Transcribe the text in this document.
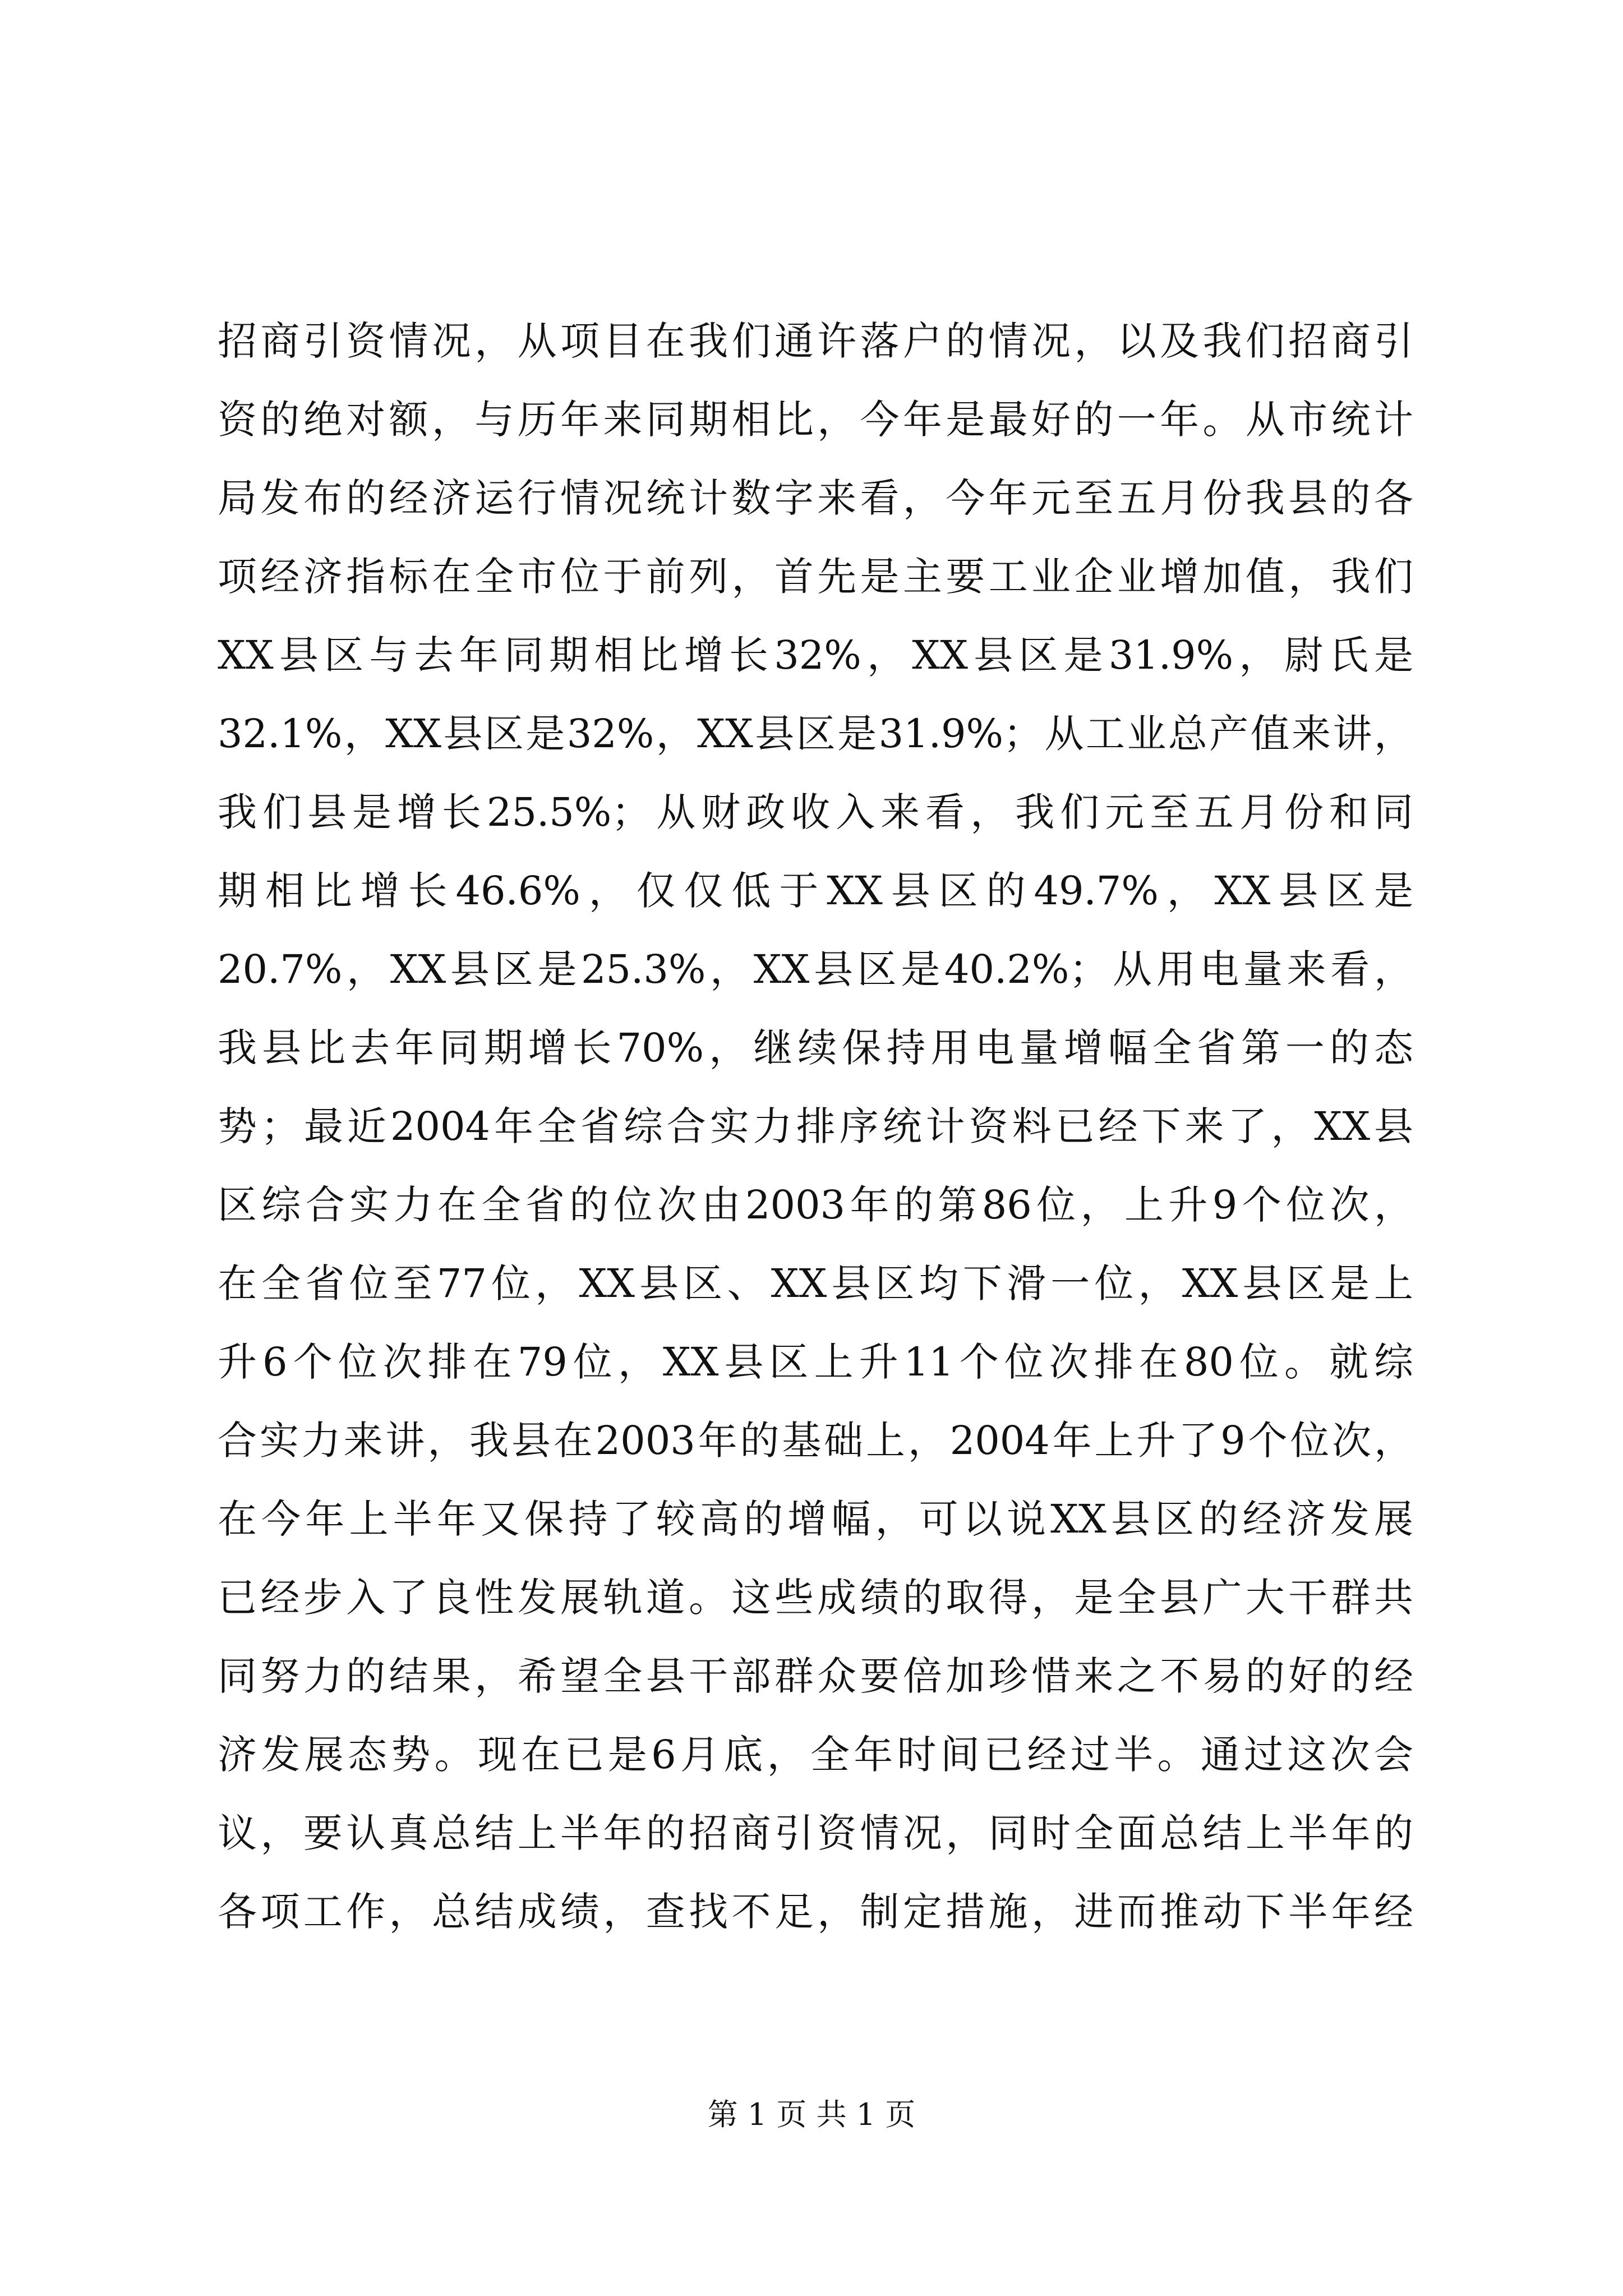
招商引资情况，从项目在我们通许落户的情况，以及我们招商引
资的绝对额，与历年来同期相比，今年是最好的一年。从市统计
局发布的经济运行情况统计数字来看，今年元至五月份我县的各
项经济指标在全市位于前列，首先是主要工业企业增加值，我们
XX县区与去年同期相比增长32%，XX县区是31.9%，尉氏是
32.1%，XX县区是32%，XX县区是31.9%；从工业总产值来讲，
我们县是增长25.5%；从财政收入来看，我们元至五月份和同
期相比增长46.6%，仅仅低于XX县区的49.7%，XX县区是
20.7%，XX县区是25.3%，XX县区是40.2%；从用电量来看，
我县比去年同期增长70%，继续保持用电量增幅全省第一的态
势；最近2004年全省综合实力排序统计资料已经下来了，XX县
区综合实力在全省的位次由2003年的第86位，上升9个位次，
在全省位至77位，XX县区、XX县区均下滑一位，XX县区是上
升6个位次排在79位，XX县区上升11个位次排在80位。就综
合实力来讲，我县在2003年的基础上，2004年上升了9个位次，
在今年上半年又保持了较高的增幅，可以说XX县区的经济发展
已经步入了良性发展轨道。这些成绩的取得，是全县广大干群共
同努力的结果，希望全县干部群众要倍加珍惜来之不易的好的经
济发展态势。现在已是6月底，全年时间已经过半。通过这次会
议，要认真总结上半年的招商引资情况，同时全面总结上半年的
各项工作，总结成绩，查找不足，制定措施，进而推动下半年经
第 1 页 共 1 页
